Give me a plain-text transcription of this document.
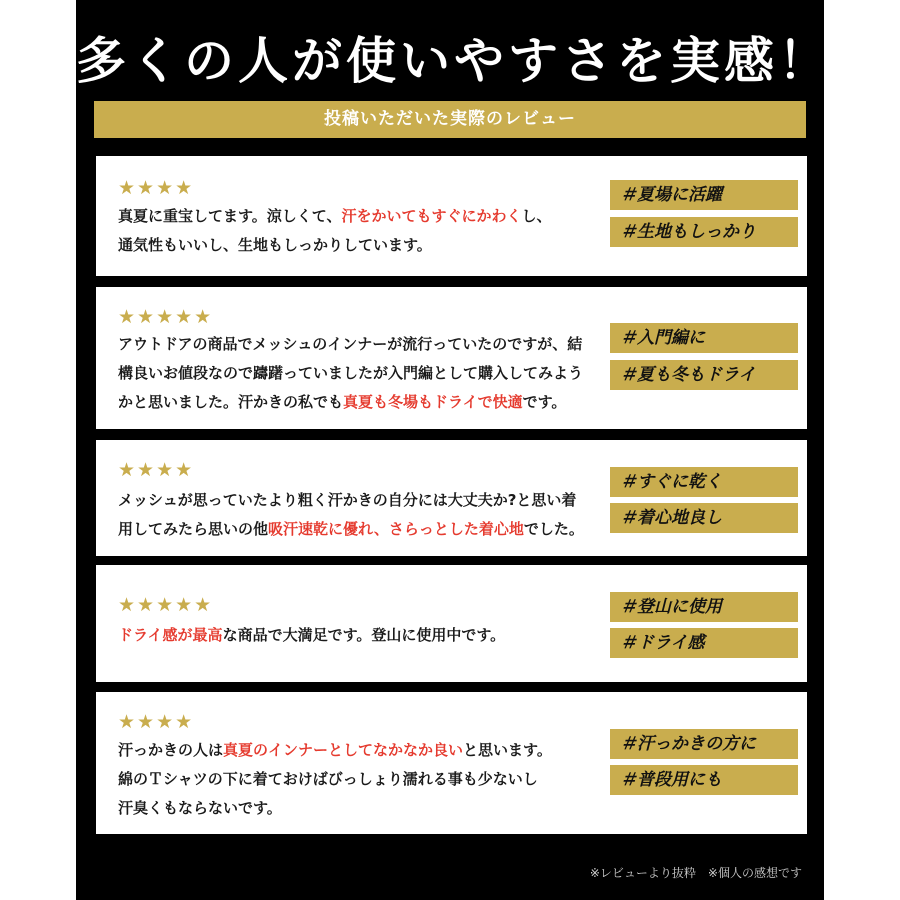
多くの人が使いやすさを実感！
投稿いただいた実際のレビュー
★★★★
真夏に重宝してます。涼しくて、汗をかいてもすぐにかわくし、
通気性もいいし、生地もしっかりしています。
＃夏場に活躍
＃生地もしっかり
★★★★★
アウトドアの商品でメッシュのインナーが流行っていたのですが、結
構良いお値段なので躊躇っていましたが入門編として購入してみよう
かと思いました。汗かきの私でも真夏も冬場もドライで快適です。
＃入門編に
＃夏も冬もドライ
★★★★
メッシュが思っていたより粗く汗かきの自分には大丈夫か?と思い着
用してみたら思いの他吸汗速乾に優れ、さらっとした着心地でした。
＃すぐに乾く
＃着心地良し
★★★★★
ドライ感が最高な商品で大満足です。登山に使用中です。
＃登山に使用
＃ドライ感
★★★★
汗っかきの人は真夏のインナーとしてなかなか良いと思います。
綿のＴシャツの下に着ておけばびっしょり濡れる事も少ないし
汗臭くもならないです。
＃汗っかきの方に
＃普段用にも
※レビューより抜粋　※個人の感想です
